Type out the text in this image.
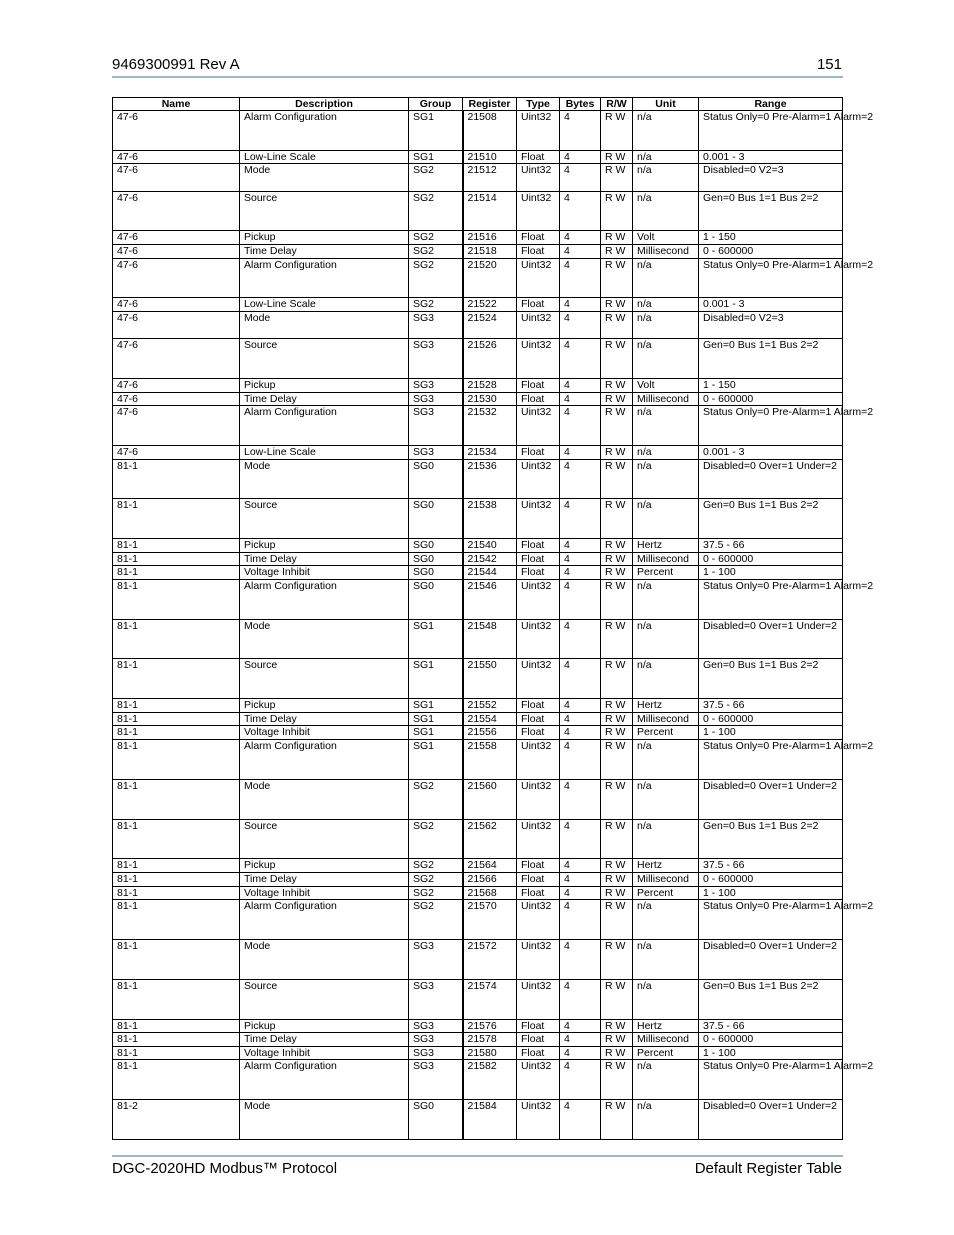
9469300991 Rev A	151
Name	Description	Group	Register	Type	Bytes	R/W	Unit	Range
47-6	Alarm Configuration	SG1	21508	Uint32	4	R W	n/a	Status Only=0 Pre-Alarm=1 Alarm=2
47-6	Low-Line Scale	SG1	21510	Float	4	R W	n/a	0.001 - 3
47-6	Mode	SG2	21512	Uint32	4	R W	n/a	Disabled=0 V2=3
47-6	Source	SG2	21514	Uint32	4	R W	n/a	Gen=0 Bus 1=1 Bus 2=2
47-6	Pickup	SG2	21516	Float	4	R W	Volt	1 - 150
47-6	Time Delay	SG2	21518	Float	4	R W	Millisecond	0 - 600000
47-6	Alarm Configuration	SG2	21520	Uint32	4	R W	n/a	Status Only=0 Pre-Alarm=1 Alarm=2
47-6	Low-Line Scale	SG2	21522	Float	4	R W	n/a	0.001 - 3
47-6	Mode	SG3	21524	Uint32	4	R W	n/a	Disabled=0 V2=3
47-6	Source	SG3	21526	Uint32	4	R W	n/a	Gen=0 Bus 1=1 Bus 2=2
47-6	Pickup	SG3	21528	Float	4	R W	Volt	1 - 150
47-6	Time Delay	SG3	21530	Float	4	R W	Millisecond	0 - 600000
47-6	Alarm Configuration	SG3	21532	Uint32	4	R W	n/a	Status Only=0 Pre-Alarm=1 Alarm=2
47-6	Low-Line Scale	SG3	21534	Float	4	R W	n/a	0.001 - 3
81-1	Mode	SG0	21536	Uint32	4	R W	n/a	Disabled=0 Over=1 Under=2
81-1	Source	SG0	21538	Uint32	4	R W	n/a	Gen=0 Bus 1=1 Bus 2=2
81-1	Pickup	SG0	21540	Float	4	R W	Hertz	37.5 - 66
81-1	Time Delay	SG0	21542	Float	4	R W	Millisecond	0 - 600000
81-1	Voltage Inhibit	SG0	21544	Float	4	R W	Percent	1 - 100
81-1	Alarm Configuration	SG0	21546	Uint32	4	R W	n/a	Status Only=0 Pre-Alarm=1 Alarm=2
81-1	Mode	SG1	21548	Uint32	4	R W	n/a	Disabled=0 Over=1 Under=2
81-1	Source	SG1	21550	Uint32	4	R W	n/a	Gen=0 Bus 1=1 Bus 2=2
81-1	Pickup	SG1	21552	Float	4	R W	Hertz	37.5 - 66
81-1	Time Delay	SG1	21554	Float	4	R W	Millisecond	0 - 600000
81-1	Voltage Inhibit	SG1	21556	Float	4	R W	Percent	1 - 100
81-1	Alarm Configuration	SG1	21558	Uint32	4	R W	n/a	Status Only=0 Pre-Alarm=1 Alarm=2
81-1	Mode	SG2	21560	Uint32	4	R W	n/a	Disabled=0 Over=1 Under=2
81-1	Source	SG2	21562	Uint32	4	R W	n/a	Gen=0 Bus 1=1 Bus 2=2
81-1	Pickup	SG2	21564	Float	4	R W	Hertz	37.5 - 66
81-1	Time Delay	SG2	21566	Float	4	R W	Millisecond	0 - 600000
81-1	Voltage Inhibit	SG2	21568	Float	4	R W	Percent	1 - 100
81-1	Alarm Configuration	SG2	21570	Uint32	4	R W	n/a	Status Only=0 Pre-Alarm=1 Alarm=2
81-1	Mode	SG3	21572	Uint32	4	R W	n/a	Disabled=0 Over=1 Under=2
81-1	Source	SG3	21574	Uint32	4	R W	n/a	Gen=0 Bus 1=1 Bus 2=2
81-1	Pickup	SG3	21576	Float	4	R W	Hertz	37.5 - 66
81-1	Time Delay	SG3	21578	Float	4	R W	Millisecond	0 - 600000
81-1	Voltage Inhibit	SG3	21580	Float	4	R W	Percent	1 - 100
81-1	Alarm Configuration	SG3	21582	Uint32	4	R W	n/a	Status Only=0 Pre-Alarm=1 Alarm=2
81-2	Mode	SG0	21584	Uint32	4	R W	n/a	Disabled=0 Over=1 Under=2
DGC-2020HD Modbus™ Protocol	Default Register Table
